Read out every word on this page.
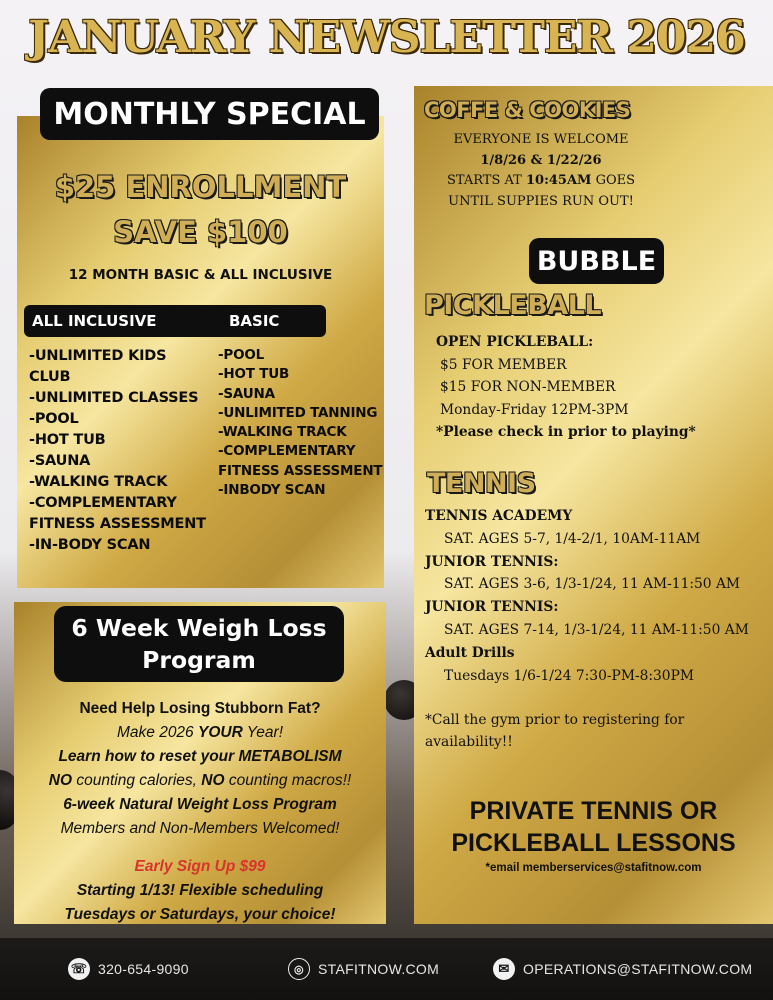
JANUARY NEWSLETTER 2026
MONTHLY SPECIAL
$25 ENROLLMENT
SAVE $100
12 MONTH BASIC & ALL INCLUSIVE
ALL INCLUSIVE	BASIC
-UNLIMITED KIDS
CLUB
-UNLIMITED CLASSES
-POOL
-HOT TUB
-SAUNA
-WALKING TRACK
-COMPLEMENTARY
FITNESS ASSESSMENT
-IN-BODY SCAN
-POOL
-HOT TUB
-SAUNA
-UNLIMITED TANNING
-WALKING TRACK
-COMPLEMENTARY
FITNESS ASSESSMENT
-INBODY SCAN
6 Week Weigh Loss
Program

Need Help Losing Stubborn Fat?

Make 2026 YOUR Year!

Learn how to reset your METABOLISM

NO counting calories, NO counting macros!!

6-week Natural Weight Loss Program

Members and Non-Members Welcomed!

Early Sign Up $99

Starting 1/13! Flexible scheduling

Tuesdays or Saturdays, your choice!

COFFE & COOKIES
EVERYONE IS WELCOME
1/8/26 & 1/22/26
STARTS AT 10:45AM GOES
UNTIL SUPPIES RUN OUT!
BUBBLE
PICKLEBALL
OPEN PICKLEBALL:
$5 FOR MEMBER
$15 FOR NON-MEMBER
Monday-Friday 12PM-3PM
*Please check in prior to playing*
TENNIS
TENNIS ACADEMY
SAT. AGES 5-7, 1/4-2/1, 10AM-11AM
JUNIOR TENNIS:
SAT. AGES 3-6, 1/3-1/24, 11 AM-11:50 AM
JUNIOR TENNIS:
SAT. AGES 7-14, 1/3-1/24, 11 AM-11:50 AM
Adult Drills
Tuesdays 1/6-1/24 7:30-PM-8:30PM
*Call the gym prior to registering for availability!!
PRIVATE TENNIS OR
PICKLEBALL LESSONS
*email memberservices@stafitnow.com
☏ 320-654-9090	◎	STAFITNOW.COM	✉ OPERATIONS@STAFITNOW.COM
